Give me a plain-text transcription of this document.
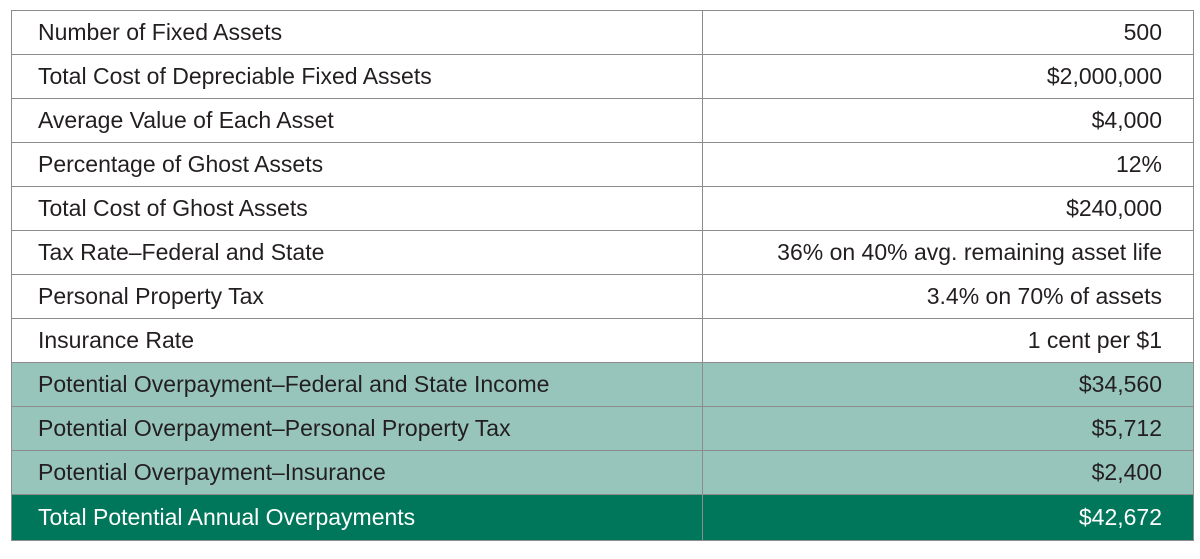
Number of Fixed Assets	500
Total Cost of Depreciable Fixed Assets	$2,000,000
Average Value of Each Asset	$4,000
Percentage of Ghost Assets	12%
Total Cost of Ghost Assets	$240,000
Tax Rate–Federal and State	36% on 40% avg. remaining asset life
Personal Property Tax	3.4% on 70% of assets
Insurance Rate	1 cent per $1
Potential Overpayment–Federal and State Income	$34,560
Potential Overpayment–Personal Property Tax	$5,712
Potential Overpayment–Insurance	$2,400
Total Potential Annual Overpayments	$42,672
